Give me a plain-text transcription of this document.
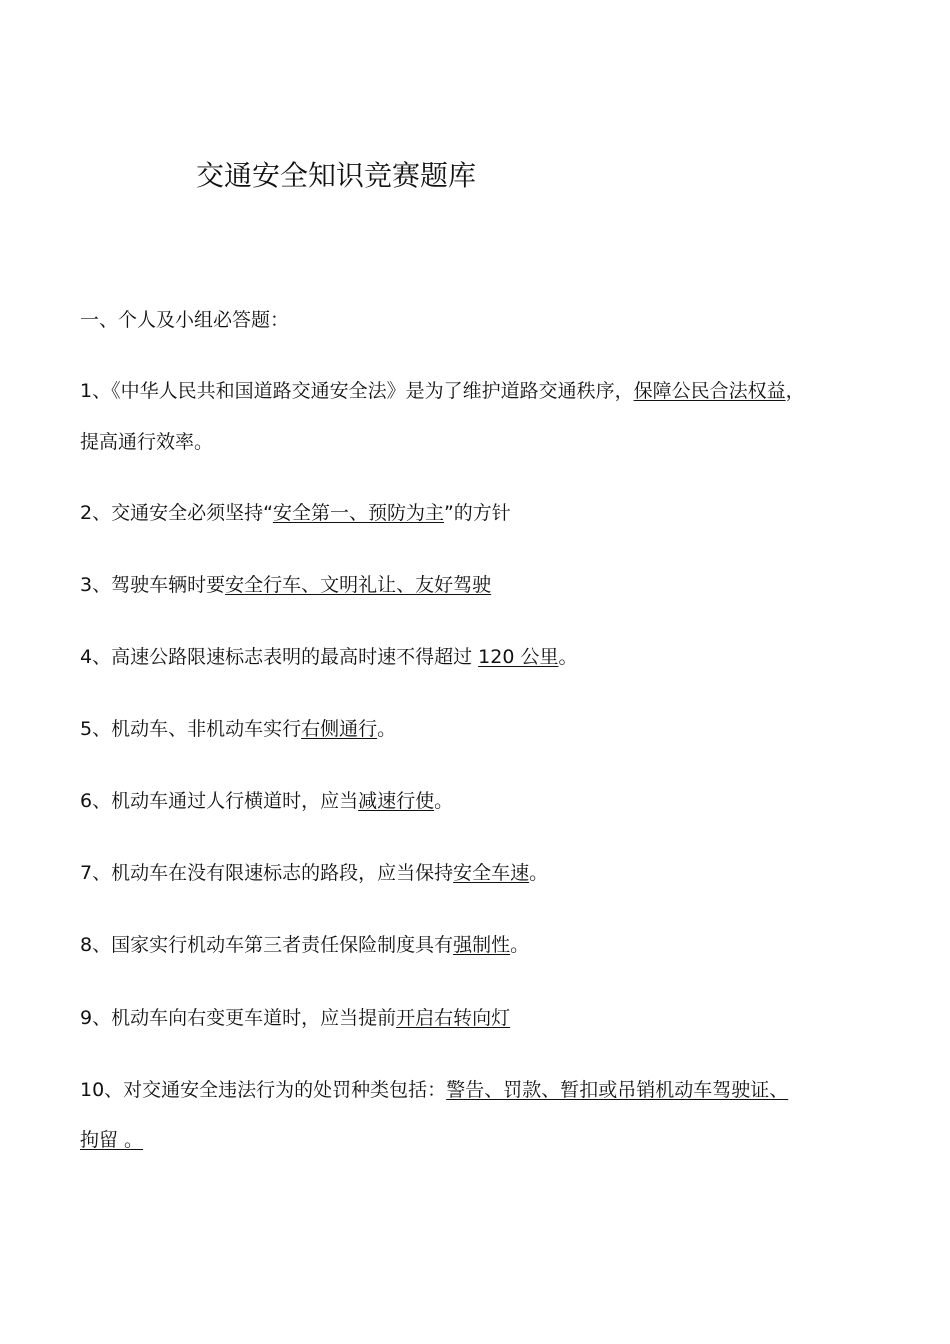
交通安全知识竞赛题库
一、个人及小组必答题：
1、《中华人民共和国道路交通安全法》是为了维护道路交通秩序，保障公民合法权益，
提高通行效率。
2、交通安全必须坚持“安全第一、预防为主”的方针
3、驾驶车辆时要安全行车、文明礼让、友好驾驶
4、高速公路限速标志表明的最高时速不得超过 120 公里。
5、机动车、非机动车实行右侧通行。
6、机动车通过人行横道时，应当减速行使。
7、机动车在没有限速标志的路段，应当保持安全车速。
8、国家实行机动车第三者责任保险制度具有强制性。
9、机动车向右变更车道时，应当提前开启右转向灯
10、对交通安全违法行为的处罚种类包括：警告、罚款、暂扣或吊销机动车驾驶证、
拘留 。
